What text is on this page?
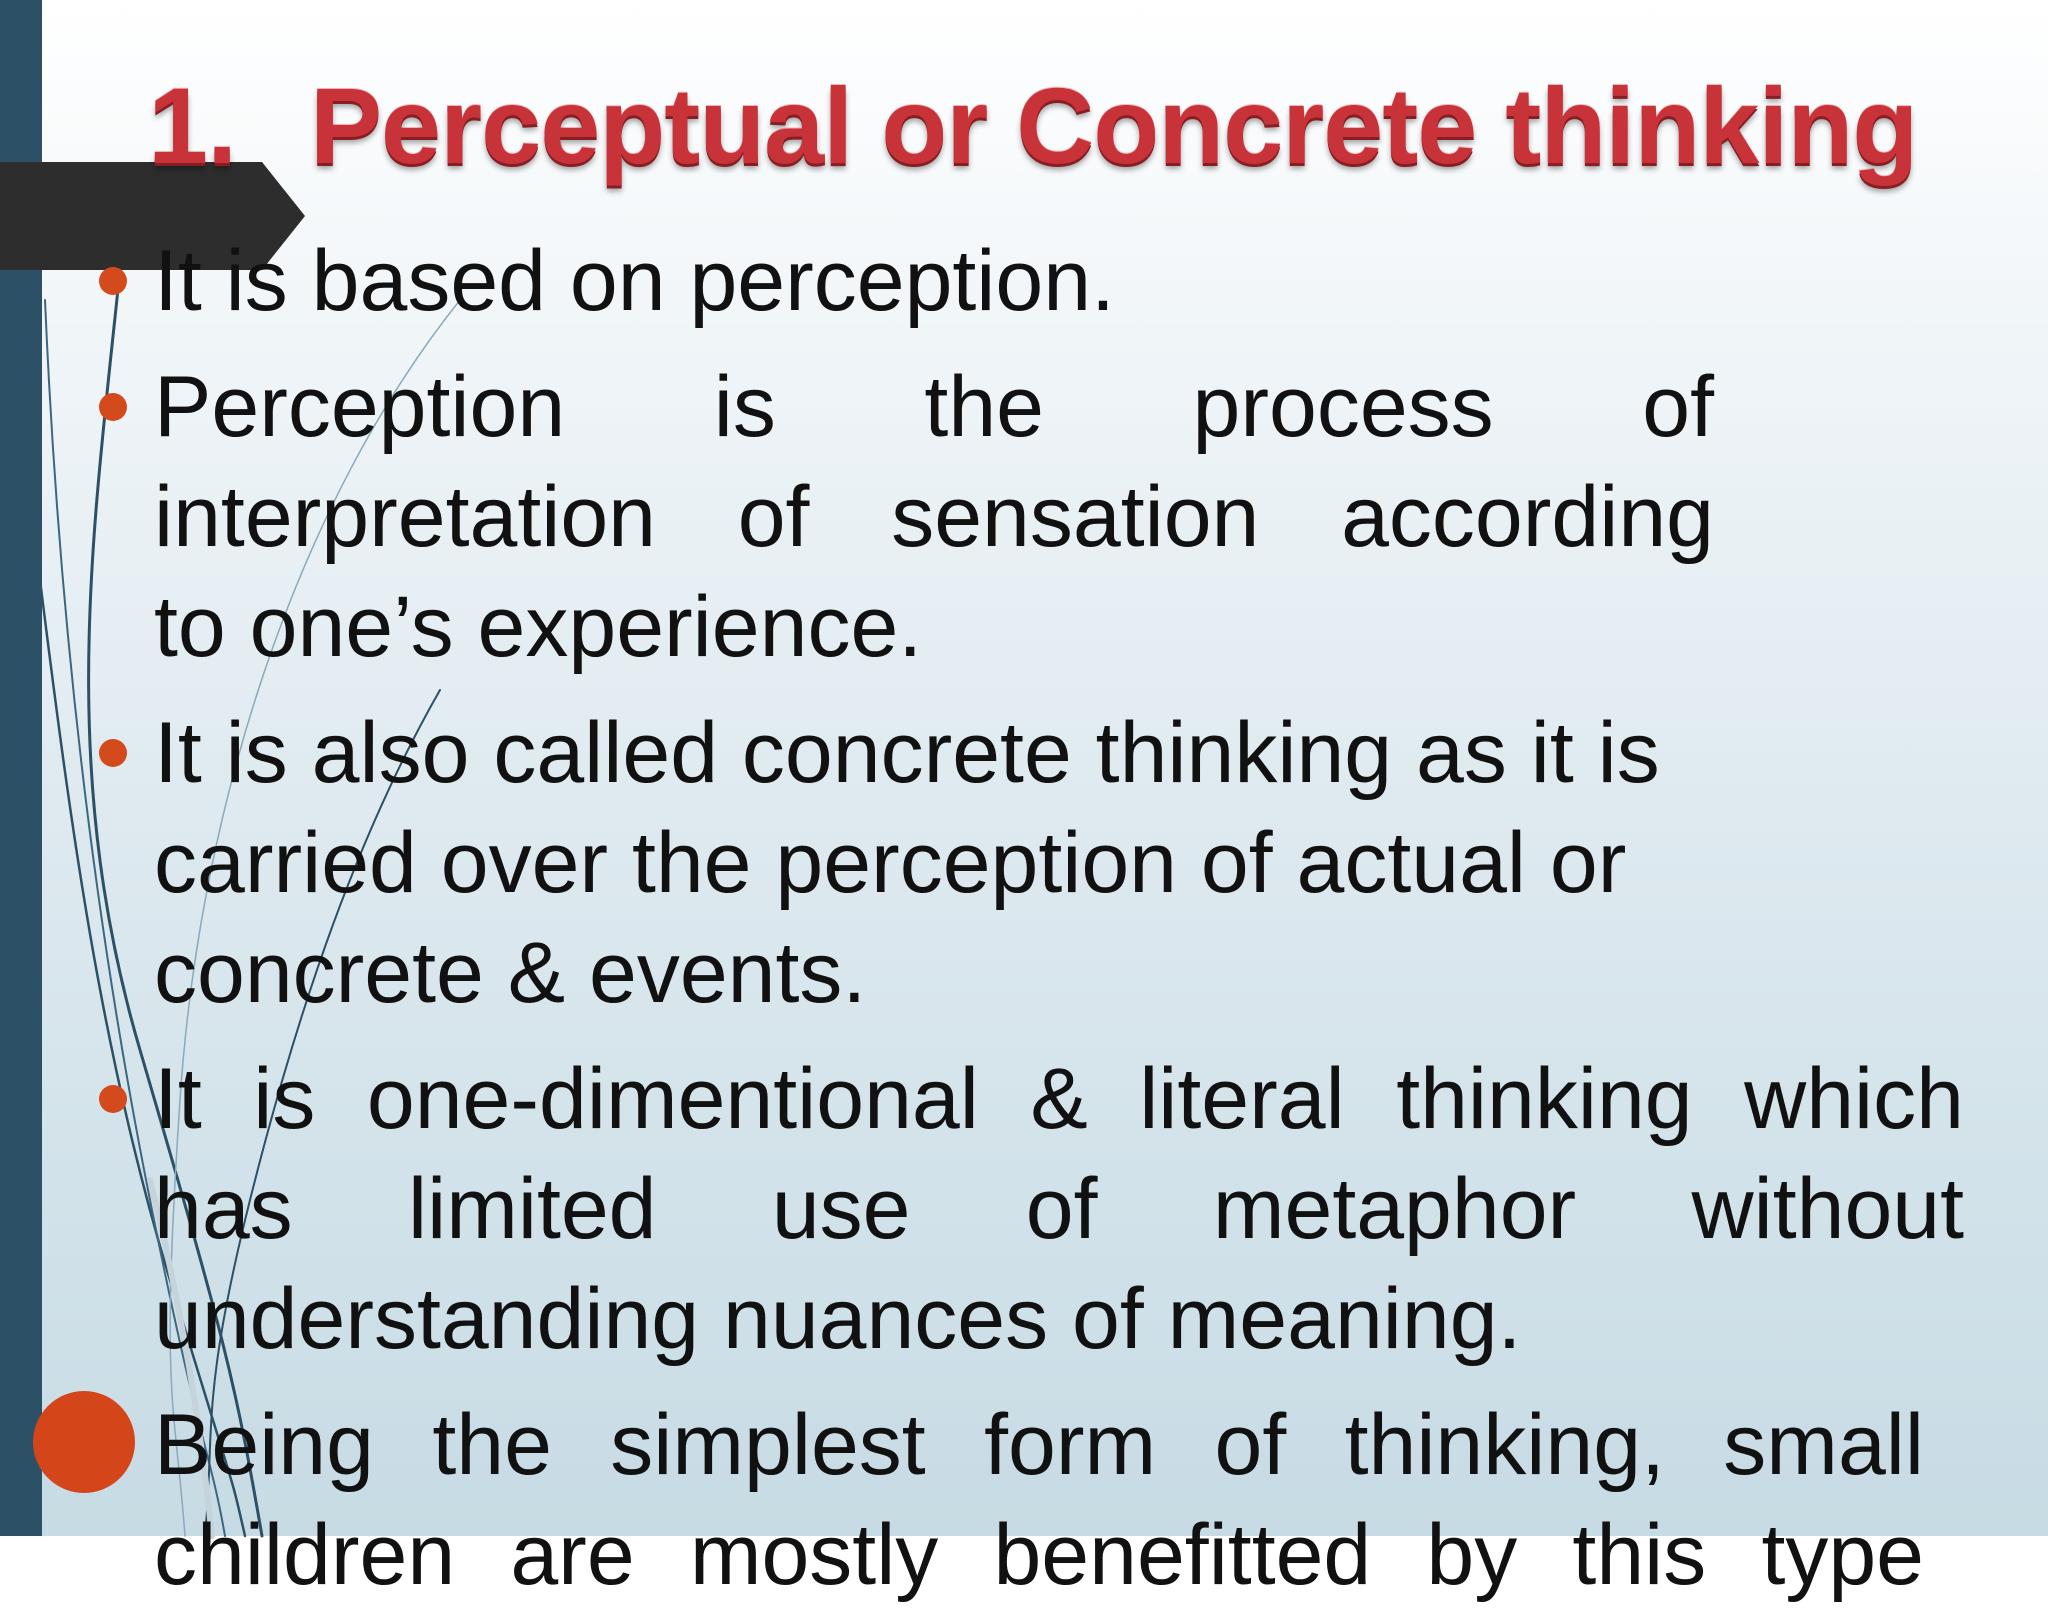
1. Perceptual or Concrete thinking

It is based on perception.

Perception is the process of
interpretation of sensation according
to one’s experience.

It is also called concrete thinking as it is
carried over the perception of actual or
concrete & events.

It is one-dimentional & literal thinking which
has limited use of metaphor without
understanding nuances of meaning.

Being the simplest form of thinking, small
children are mostly benefitted by this type
